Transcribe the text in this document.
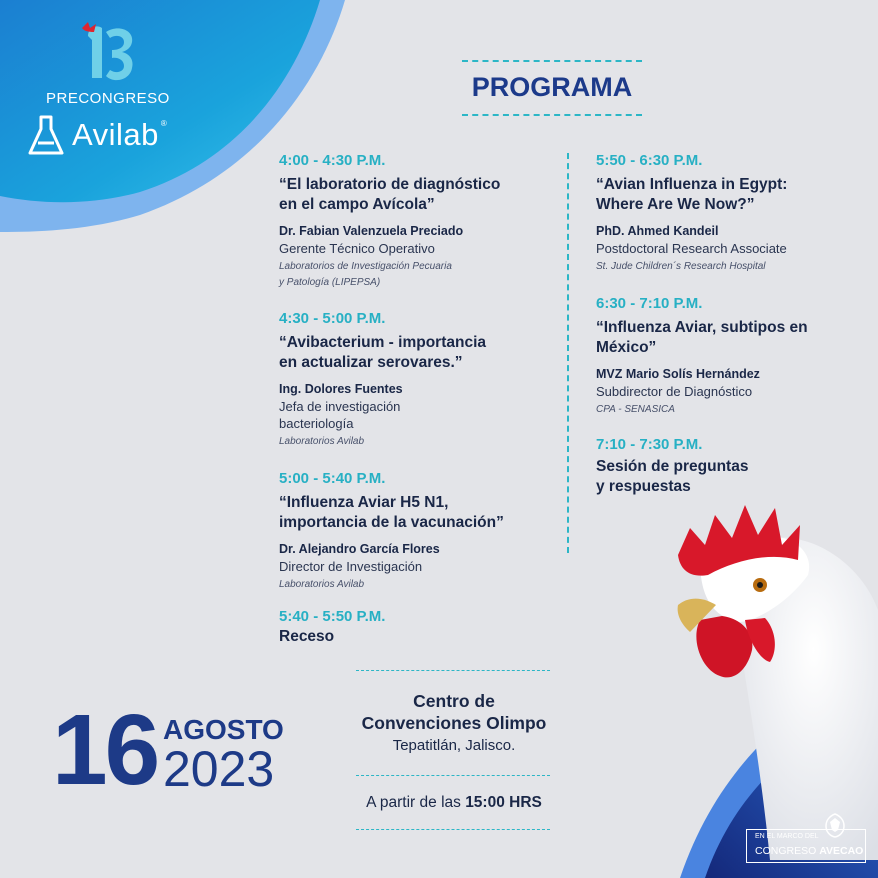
PRECONGRESO
Avilab ®
PROGRAMA
4:00 - 4:30 P.M.
“El laboratorio de diagnóstico
en el campo Avícola”
Dr. Fabian Valenzuela Preciado
Gerente Técnico Operativo
Laboratorios de Investigación Pecuaria
y Patología (LIPEPSA)
4:30 - 5:00 P.M.
“Avibacterium - importancia
en actualizar serovares.”
Ing. Dolores Fuentes
Jefa de investigación
bacteriología
Laboratorios Avilab
5:00 - 5:40 P.M.
“Influenza Aviar H5 N1,
importancia de la vacunación”
Dr. Alejandro García Flores
Director de Investigación
Laboratorios Avilab
5:40 - 5:50 P.M.
Receso
5:50 - 6:30 P.M.
“Avian Influenza in Egypt:
Where Are We Now?”
PhD. Ahmed Kandeil
Postdoctoral Research Associate
St. Jude Children´s Research Hospital
6:30 - 7:10 P.M.
“Influenza Aviar, subtipos en
México”
MVZ Mario Solís Hernández
Subdirector de Diagnóstico
CPA - SENASICA
7:10 - 7:30 P.M.
Sesión de preguntas
y respuestas
Centro de
Convenciones Olimpo
Tepatitlán, Jalisco.
A partir de las 15:00 HRS
16 AGOSTO
2023
EN EL MARCO DEL
CONGRESO AVECAO
